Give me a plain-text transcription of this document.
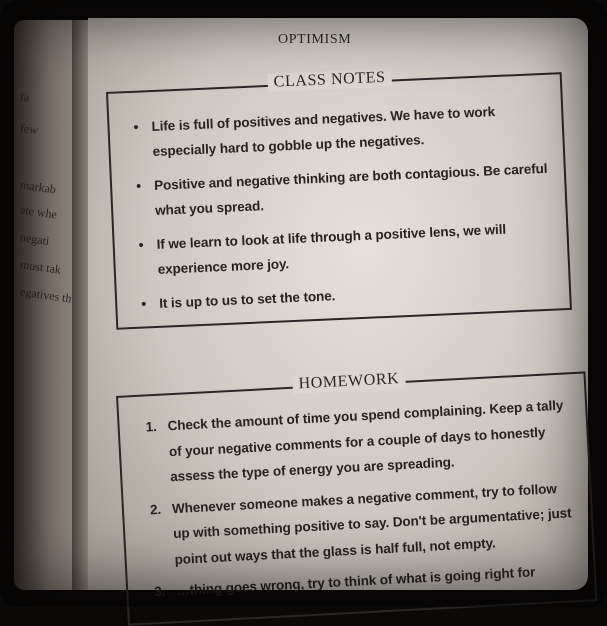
fa
few
markab
ate whe
negati
must tak
egatives th
OPTIMISM
CLASS NOTES
• Life is full of positives and negatives. We have to work especially hard to gobble up the negatives.
• Positive and negative thinking are both contagious. Be careful what you spread.
• If we learn to look at life through a positive lens, we will experience more joy.
• It is up to us to set the tone.
HOMEWORK
1. Check the amount of time you spend complaining. Keep a tally of your negative comments for a couple of days to honestly assess the type of energy you are spreading.
2. Whenever someone makes a negative comment, try to follow up with something positive to say. Don't be argumentative; just point out ways that the glass is half full, not empty.
3. …thing goes wrong, try to think of what is going right for
